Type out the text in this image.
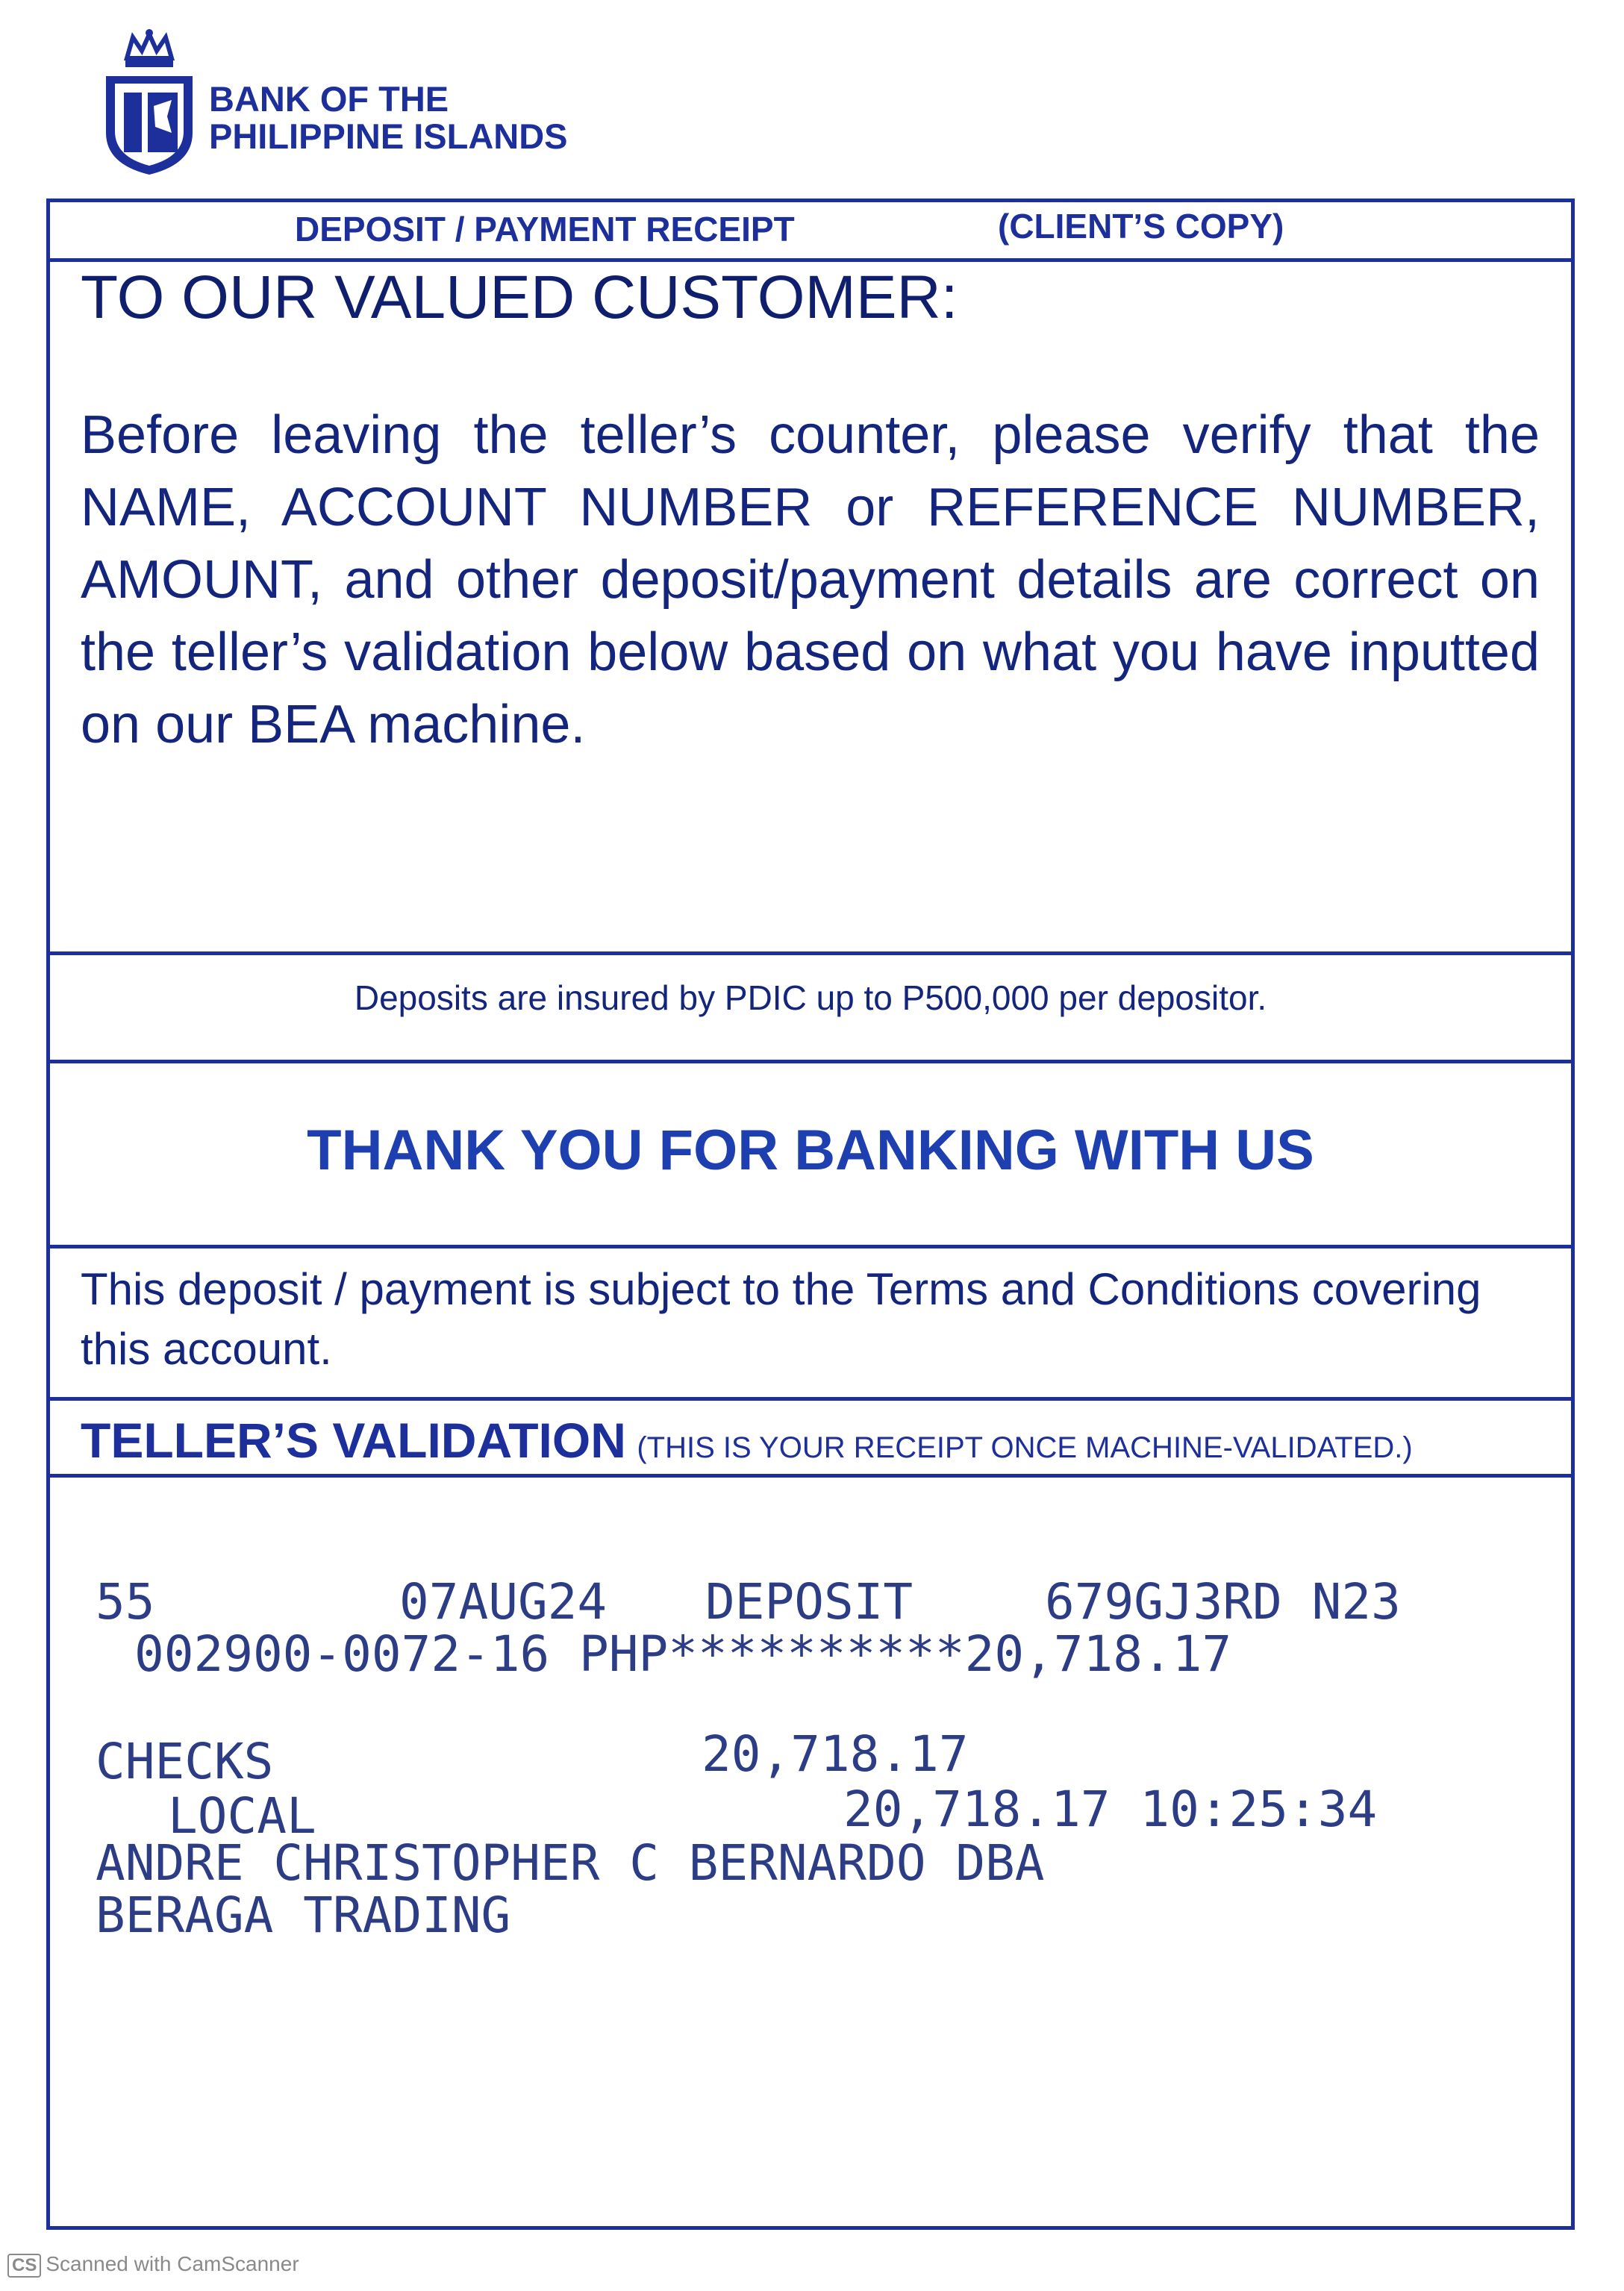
BANK OF THE
PHILIPPINE ISLANDS
DEPOSIT / PAYMENT RECEIPT	(CLIENT’S COPY)
TO OUR VALUED CUSTOMER:
Before leaving the teller’s counter, please verify that the NAME, ACCOUNT NUMBER or REFERENCE NUMBER, AMOUNT, and other deposit/payment details are correct on the teller’s validation below based on what you have inputted on our BEA machine.
Deposits are insured by PDIC up to P500,000 per depositor.
THANK YOU FOR BANKING WITH US
This deposit / payment is subject to the Terms and Conditions covering this account.
TELLER’S VALIDATION (THIS IS YOUR RECEIPT ONCE MACHINE-VALIDATED.)
55	07AUG24 DEPOSIT	679GJ3RD N23
002900-0072-16 PHP**********20,718.17
CHECKS	20,718.17
LOCAL	20,718.17 10:25:34
ANDRE CHRISTOPHER C BERNARDO DBA
BERAGA TRADING
CS Scanned with CamScanner
